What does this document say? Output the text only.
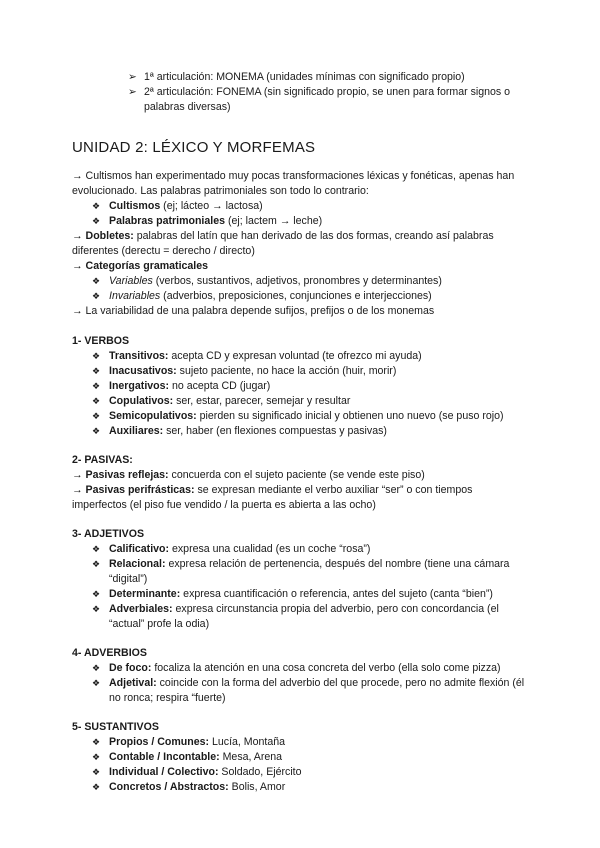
➢ 1ª articulación: MONEMA (unidades mínimas con significado propio)
➢ 2ª articulación: FONEMA (sin significado propio, se unen para formar signos o palabras diversas)
UNIDAD 2: LÉXICO Y MORFEMAS
→ Cultismos han experimentado muy pocas transformaciones léxicas y fonéticas, apenas han evolucionado. Las palabras patrimoniales son todo lo contrario:
❖ Cultismos (ej; lácteo → lactosa)
❖ Palabras patrimoniales (ej; lactem → leche)
→ Dobletes: palabras del latín que han derivado de las dos formas, creando así palabras diferentes (derectu = derecho / directo)
→ Categorías gramaticales
❖ Variables (verbos, sustantivos, adjetivos, pronombres y determinantes)
❖ Invariables (adverbios, preposiciones, conjunciones e interjecciones)
→ La variabilidad de una palabra depende sufijos, prefijos o de los monemas
1- VERBOS
❖ Transitivos: acepta CD y expresan voluntad (te ofrezco mi ayuda)
❖ Inacusativos: sujeto paciente, no hace la acción (huir, morir)
❖ Inergativos: no acepta CD (jugar)
❖ Copulativos: ser, estar, parecer, semejar y resultar
❖ Semicopulativos: pierden su significado inicial y obtienen uno nuevo (se puso rojo)
❖ Auxiliares: ser, haber (en flexiones compuestas y pasivas)
2- PASIVAS:
→ Pasivas reflejas: concuerda con el sujeto paciente (se vende este piso)
→ Pasivas perifrásticas: se expresan mediante el verbo auxiliar “ser” o con tiempos imperfectos (el piso fue vendido / la puerta es abierta a las ocho)
3- ADJETIVOS
❖ Calificativo: expresa una cualidad (es un coche “rosa”)
❖ Relacional: expresa relación de pertenencia, después del nombre (tiene una cámara “digital”)
❖ Determinante: expresa cuantificación o referencia, antes del sujeto (canta “bien”)
❖ Adverbiales: expresa circunstancia propia del adverbio, pero con concordancia (el “actual” profe la odia)
4- ADVERBIOS
❖ De foco: focaliza la atención en una cosa concreta del verbo (ella solo come pizza)
❖ Adjetival: coincide con la forma del adverbio del que procede, pero no admite flexión (él no ronca; respira “fuerte)
5- SUSTANTIVOS
❖ Propios / Comunes: Lucía, Montaña
❖ Contable / Incontable: Mesa, Arena
❖ Individual / Colectivo: Soldado, Ejército
❖ Concretos / Abstractos: Bolis, Amor
